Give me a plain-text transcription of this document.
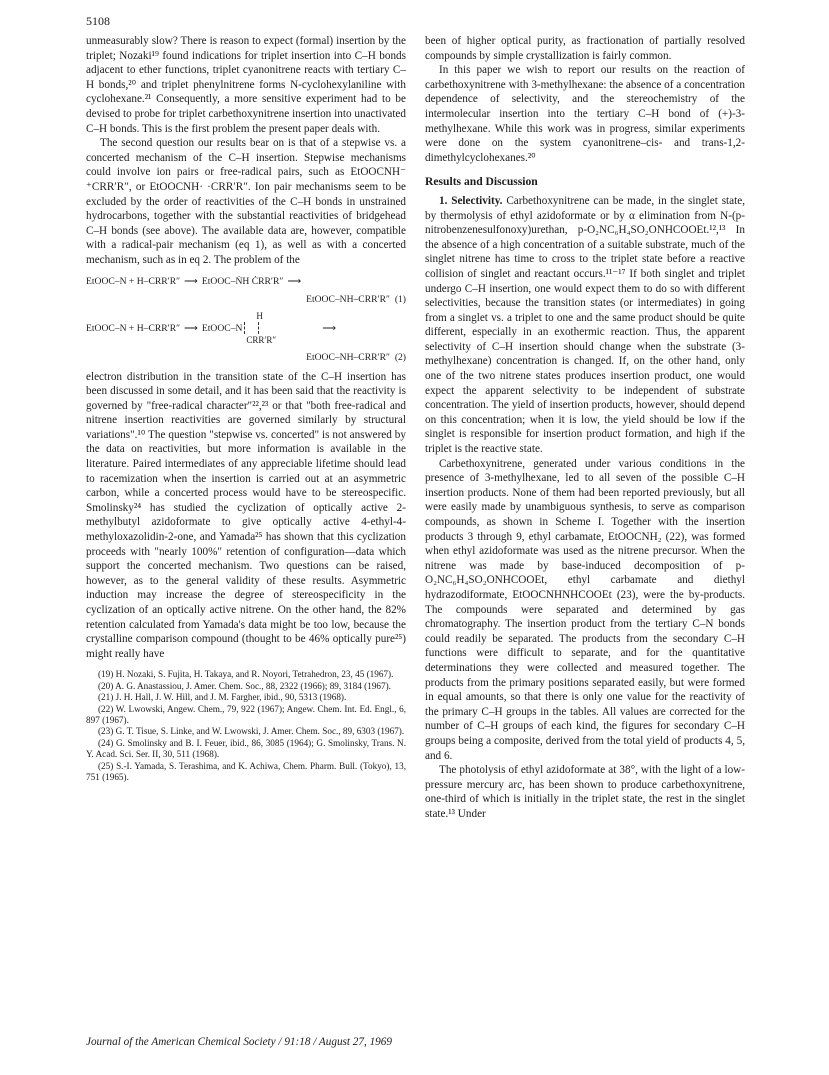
5108

unmeasurably slow? There is reason to expect (formal) insertion by the triplet; Nozaki¹⁹ found indications for triplet insertion into C–H bonds adjacent to ether functions, triplet cyanonitrene reacts with tertiary C–H bonds,²⁰ and triplet phenylnitrene forms N-cyclohexylaniline with cyclohexane.²¹ Consequently, a more sensitive experiment had to be devised to probe for triplet carbethoxynitrene insertion into unactivated C–H bonds. This is the first problem the present paper deals with.

The second question our results bear on is that of a stepwise vs. a concerted mechanism of the C–H insertion. Stepwise mechanisms could involve ion pairs or free-radical pairs, such as EtOOCNH⁻ ⁺CRR′R″, or EtOOCNH· ·CRR′R″. Ion pair mechanisms seem to be excluded by the order of reactivities of the C–H bonds in unstrained hydrocarbons, together with the substantial reactivities of bridgehead C–H bonds (see above). The available data are, however, compatible with a radical-pair mechanism (eq 1), as well as with a concerted mechanism, such as in eq 2. The problem of the

EtOOC–N + H–CRR′R″ ⟶ EtOOC–ṄH ĊRR′R″ ⟶
EtOOC–NH–CRR′R″ (1)
EtOOC–N + H–CRR′R″ ⟶ EtOOC–N
H
CRR′R″
⟶
EtOOC–NH–CRR′R″ (2)

electron distribution in the transition state of the C–H insertion has been discussed in some detail, and it has been said that the reactivity is governed by "free-radical character"²²,²³ or that "both free-radical and nitrene insertion reactivities are governed similarly by structural variations".¹⁰ The question "stepwise vs. concerted" is not answered by the data on reactivities, but more information is available in the literature. Paired intermediates of any appreciable lifetime should lead to racemization when the insertion is carried out at an asymmetric carbon, while a concerted process would have to be stereospecific. Smolinsky²⁴ has studied the cyclization of optically active 2-methylbutyl azidoformate to give optically active 4-ethyl-4-methyloxazolidin-2-one, and Yamada²⁵ has shown that this cyclization proceeds with "nearly 100%" retention of configuration—data which support the concerted mechanism. Two questions can be raised, however, as to the general validity of these results. Asymmetric induction may increase the degree of stereospecificity in the cyclization of an optically active nitrene. On the other hand, the 82% retention calculated from Yamada's data might be too low, because the crystalline comparison compound (thought to be 46% optically pure²⁵) might really have

(19) H. Nozaki, S. Fujita, H. Takaya, and R. Noyori, Tetrahedron, 23, 45 (1967).

(20) A. G. Anastassiou, J. Amer. Chem. Soc., 88, 2322 (1966); 89, 3184 (1967).

(21) J. H. Hall, J. W. Hill, and J. M. Fargher, ibid., 90, 5313 (1968).

(22) W. Lwowski, Angew. Chem., 79, 922 (1967); Angew. Chem. Int. Ed. Engl., 6, 897 (1967).

(23) G. T. Tisue, S. Linke, and W. Lwowski, J. Amer. Chem. Soc., 89, 6303 (1967).

(24) G. Smolinsky and B. I. Feuer, ibid., 86, 3085 (1964); G. Smolinsky, Trans. N. Y. Acad. Sci. Ser. II, 30, 511 (1968).

(25) S.-I. Yamada, S. Terashima, and K. Achiwa, Chem. Pharm. Bull. (Tokyo), 13, 751 (1965).

been of higher optical purity, as fractionation of partially resolved compounds by simple crystallization is fairly common.

In this paper we wish to report our results on the reaction of carbethoxynitrene with 3-methylhexane: the absence of a concentration dependence of selectivity, and the stereochemistry of the intermolecular insertion into the tertiary C–H bond of (+)-3-methylhexane. While this work was in progress, similar experiments were done on the system cyanonitrene–cis- and trans-1,2-dimethylcyclohexanes.²⁰

Results and Discussion

1. Selectivity. Carbethoxynitrene can be made, in the singlet state, by thermolysis of ethyl azidoformate or by α elimination from N-(p-nitrobenzenesulfonoxy)urethan, p-O₂NC₆H₄SO₂ONHCOOEt.¹²,¹³ In the absence of a high concentration of a suitable substrate, much of the singlet nitrene has time to cross to the triplet state before a reactive collision of singlet and reactant occurs.¹¹⁻¹⁷ If both singlet and triplet undergo C–H insertion, one would expect them to do so with different selectivities, because the transition states (or intermediates) in going from a singlet vs. a triplet to one and the same product should be quite different, especially in an exothermic reaction. Thus, the apparent selectivity of C–H insertion should change when the substrate (3-methylhexane) concentration is changed. If, on the other hand, only one of the two nitrene states produces insertion product, one would expect the apparent selectivity to be independent of substrate concentration. The yield of insertion products, however, should depend on this concentration; when it is low, the yield should be low if the singlet is responsible for insertion product formation, and high if the triplet is the reactive state.

Carbethoxynitrene, generated under various conditions in the presence of 3-methylhexane, led to all seven of the possible C–H insertion products. None of them had been reported previously, but all were easily made by unambiguous synthesis, to serve as comparison compounds, as shown in Scheme I. Together with the insertion products 3 through 9, ethyl carbamate, EtOOCNH₂ (22), was formed when ethyl azidoformate was used as the nitrene precursor. When the nitrene was made by base-induced decomposition of p-O₂NC₆H₄SO₂ONHCOOEt, ethyl carbamate and diethyl hydrazodiformate, EtOOCNHNHCOOEt (23), were the by-products. The compounds were separated and determined by gas chromatography. The insertion product from the tertiary C–N bonds could readily be separated. The products from the secondary C–H functions were difficult to separate, and for the quantitative determinations they were collected and measured together. The products from the primary positions separated easily, but were formed in equal amounts, so that there is only one value for the reactivity of the primary C–H groups in the tables. All values are corrected for the number of C–H groups of each kind, the figures for secondary C–H groups being a composite, derived from the total yield of products 4, 5, and 6.

The photolysis of ethyl azidoformate at 38°, with the light of a low-pressure mercury arc, has been shown to produce carbethoxynitrene, one-third of which is initially in the triplet state, the rest in the singlet state.¹³ Under

Journal of the American Chemical Society / 91:18 / August 27, 1969
